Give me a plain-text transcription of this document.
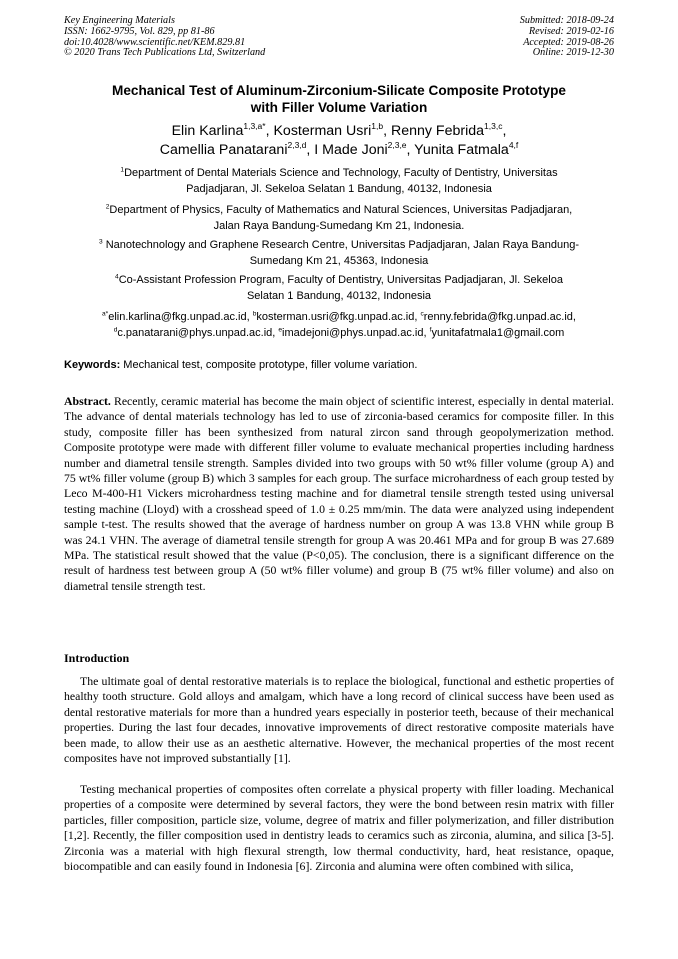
Key Engineering Materials
ISSN: 1662-9795, Vol. 829, pp 81-86
doi:10.4028/www.scientific.net/KEM.829.81
© 2020 Trans Tech Publications Ltd, Switzerland
Submitted: 2018-09-24
Revised: 2019-02-16
Accepted: 2019-08-26
Online: 2019-12-30
Mechanical Test of Aluminum-Zirconium-Silicate Composite Prototype
with Filler Volume Variation
Elin Karlina$^{1,3,a*}$, Kosterman Usri$^{1,b}$, Renny Febrida$^{1,3,c}$,
Camellia Panatarani$^{2,3,d}$, I Made Joni$^{2,3,e}$, Yunita Fatmala$^{4,f}$
$^1$Department of Dental Materials Science and Technology, Faculty of Dentistry, Universitas
Padjadjaran, Jl. Sekeloa Selatan 1 Bandung, 40132, Indonesia
$^2$Department of Physics, Faculty of Mathematics and Natural Sciences, Universitas Padjadjaran,
Jalan Raya Bandung-Sumedang Km 21, Indonesia.
$^3$ Nanotechnology and Graphene Research Centre, Universitas Padjadjaran, Jalan Raya Bandung-
Sumedang Km 21, 45363, Indonesia
$^4$Co-Assistant Profession Program, Faculty of Dentistry, Universitas Padjadjaran, Jl. Sekeloa
Selatan 1 Bandung, 40132, Indonesia
$^{a*}$elin.karlina@fkg.unpad.ac.id, $^b$kosterman.usri@fkg.unpad.ac.id, $^c$renny.febrida@fkg.unpad.ac.id,
$^d$c.panatarani@phys.unpad.ac.id, $^e$imadejoni@phys.unpad.ac.id, $^f$yunitafatmala1@gmail.com
Keywords: Mechanical test, composite prototype, filler volume variation.
Abstract. Recently, ceramic material has become the main object of scientific interest, especially in dental material. The advance of dental materials technology has led to use of zirconia-based ceramics for composite filler. In this study, composite filler has been synthesized from natural zircon sand through geopolymerization method. Composite prototype were made with different filler volume to evaluate mechanical properties including hardness number and diametral tensile strength. Samples divided into two groups with 50 wt% filler volume (group A) and 75 wt% filler volume (group B) which 3 samples for each group. The surface microhardness of each group tested by Leco M-400-H1 Vickers microhardness testing machine and for diametral tensile strength tested using universal testing machine (Lloyd) with a crosshead speed of 1.0 ± 0.25 mm/min. The data were analyzed using independent sample t-test. The results showed that the average of hardness number on group A was 13.8 VHN while group B was 24.1 VHN. The average of diametral tensile strength for group A was 20.461 MPa and for group B was 27.689 MPa. The statistical result showed that the value (P<0,05). The conclusion, there is a significant difference on the result of hardness test between group A (50 wt% filler volume) and group B (75 wt% filler volume) and also on diametral tensile strength test.
Introduction

The ultimate goal of dental restorative materials is to replace the biological, functional and esthetic properties of healthy tooth structure. Gold alloys and amalgam, which have a long record of clinical success have been used as dental restorative materials for more than a hundred years especially in posterior teeth, because of their mechanical properties. During the last four decades, innovative improvements of direct restorative composite materials have been made, to allow their use as an aesthetic alternative. However, the mechanical properties of the most recent composites have not improved substantially [1].

Testing mechanical properties of composites often correlate a physical property with filler loading. Mechanical properties of a composite were determined by several factors, they were the bond between resin matrix with filler particles, filler composition, particle size, volume, degree of matrix and filler polymerization, and filler distribution [1,2]. Recently, the filler composition used in dentistry leads to ceramics such as zirconia, alumina, and silica [3-5]. Zirconia was a material with high flexural strength, low thermal conductivity, hard, heat resistance, opaque, biocompatible and can easily found in Indonesia [6]. Zirconia and alumina were often combined with silica,
